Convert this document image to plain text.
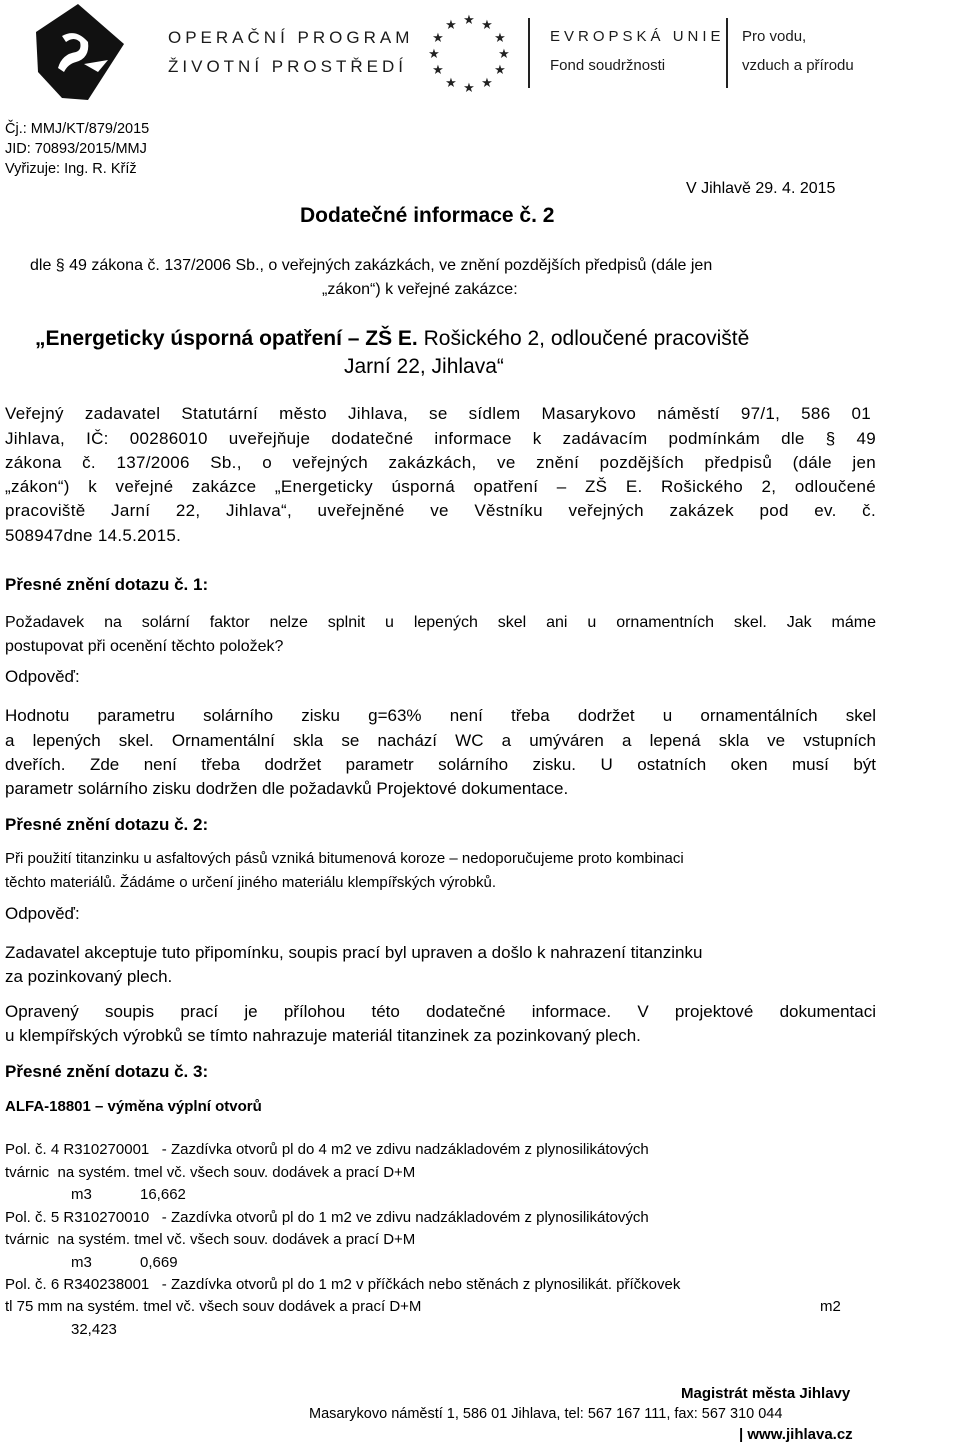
OPERAČNÍ PROGRAM
ŽIVOTNÍ PROSTŘEDÍ
★ ★
★
★
★
★
★
★
★
★
★
★
EVROPSKÁ UNIE
Fond soudržnosti
Pro vodu,
vzduch a přírodu
Čj.: MMJ/KT/879/2015
JID: 70893/2015/MMJ
Vyřizuje: Ing. R. Kříž
V Jihlavě 29. 4. 2015
Dodatečné informace č. 2
dle § 49 zákona č. 137/2006 Sb., o veřejných zakázkách, ve znění pozdějších předpisů (dále jen
„zákon“) k veřejné zakázce:
„Energeticky úsporná opatření – ZŠ E. Rošického 2, odloučené pracoviště
Jarní 22, Jihlava“
Veřejný zadavatel Statutární město Jihlava, se sídlem Masarykovo náměstí 97/1, 586 01
Jihlava, IČ: 00286010 uveřejňuje dodatečné informace k zadávacím podmínkám dle § 49
zákona č. 137/2006 Sb., o veřejných zakázkách, ve znění pozdějších předpisů (dále jen
„zákon“) k veřejné zakázce „Energeticky úsporná opatření – ZŠ E. Rošického 2, odloučené
pracoviště Jarní 22, Jihlava“, uveřejněné ve Věstníku veřejných zakázek pod ev. č.
508947dne 14.5.2015.
Přesné znění dotazu č. 1:
Požadavek na solární faktor nelze splnit u lepených skel ani u ornamentních skel. Jak máme
postupovat při ocenění těchto položek?
Odpověď:
Hodnotu parametru solárního zisku g=63% není třeba dodržet u ornamentálních skel
a lepených skel. Ornamentální skla se nachází WC a umýváren a lepená skla ve vstupních
dveřích. Zde není třeba dodržet parametr solárního zisku. U ostatních oken musí být
parametr solárního zisku dodržen dle požadavků Projektové dokumentace.
Přesné znění dotazu č. 2:
Při použití titanzinku u asfaltových pásů vzniká bitumenová koroze – nedoporučujeme proto kombinaci
těchto materiálů. Žádáme o určení jiného materiálu klempířských výrobků.
Odpověď:
Zadavatel akceptuje tuto připomínku, soupis prací byl upraven a došlo k nahrazení titanzinku
za pozinkovaný plech.
Opravený soupis prací je přílohou této dodatečné informace. V projektové dokumentaci
u klempířských výrobků se tímto nahrazuje materiál titanzinek za pozinkovaný plech.
Přesné znění dotazu č. 3:
ALFA-18801 – výměna výplní otvorů
Pol. č. 4 R310270001   - Zazdívka otvorů pl do 4 m2 ve zdivu nadzákladovém z plynosilikátových
tvárnic  na systém. tmel vč. všech souv. dodávek a prací D+M
m3	16,662
Pol. č. 5 R310270010   - Zazdívka otvorů pl do 1 m2 ve zdivu nadzákladovém z plynosilikátových
tvárnic  na systém. tmel vč. všech souv. dodávek a prací D+M
m3	0,669
Pol. č. 6 R340238001   - Zazdívka otvorů pl do 1 m2 v příčkách nebo stěnách z plynosilikát. příčkovek
tl 75 mm na systém. tmel vč. všech souv dodávek a prací D+M	m2
32,423
Magistrát města Jihlavy
Masarykovo náměstí 1, 586 01 Jihlava, tel: 567 167 111, fax: 567 310 044
| www.jihlava.cz
